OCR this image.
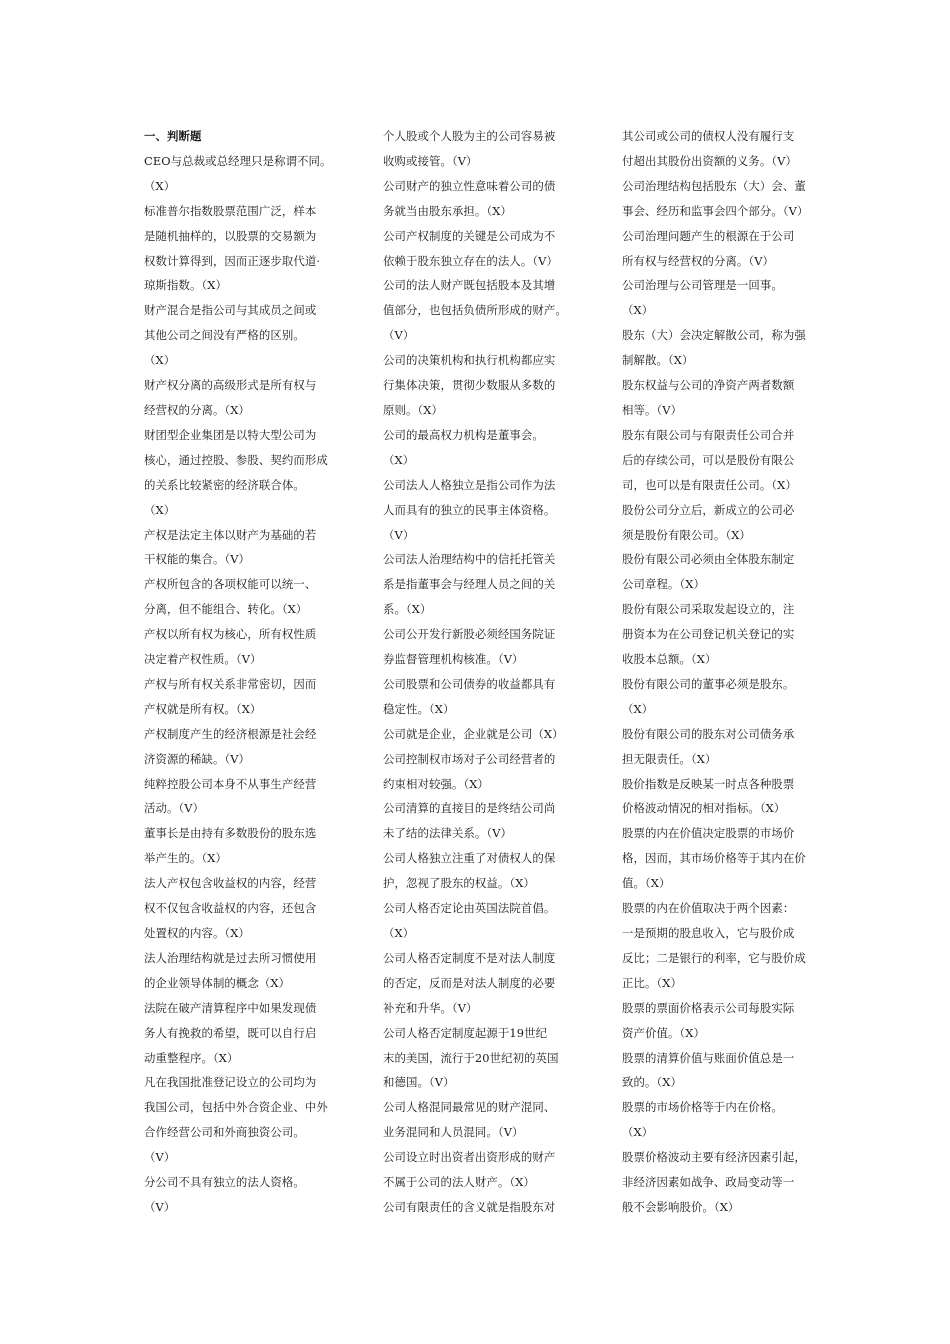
一、判断题
CEO与总裁或总经理只是称谓不同。
（X）
标准普尔指数股票范围广泛，样本
是随机抽样的，以股票的交易额为
权数计算得到，因而正逐步取代道·
琼斯指数。（X）
财产混合是指公司与其成员之间或
其他公司之间没有严格的区别。
（X）
财产权分离的高级形式是所有权与
经营权的分离。（X）
财团型企业集团是以特大型公司为
核心，通过控股、参股、契约而形成
的关系比较紧密的经济联合体。
（X）
产权是法定主体以财产为基础的若
干权能的集合。（V）
产权所包含的各项权能可以统一、
分离，但不能组合、转化。（X）
产权以所有权为核心，所有权性质
决定着产权性质。（V）
产权与所有权关系非常密切，因而
产权就是所有权。（X）
产权制度产生的经济根源是社会经
济资源的稀缺。（V）
纯粹控股公司本身不从事生产经营
活动。（V）
董事长是由持有多数股份的股东选
举产生的。（X）
法人产权包含收益权的内容，经营
权不仅包含收益权的内容，还包含
处置权的内容。（X）
法人治理结构就是过去所习惯使用
的企业领导体制的概念（X）
法院在破产清算程序中如果发现债
务人有挽救的希望，既可以自行启
动重整程序。（X）
凡在我国批准登记设立的公司均为
我国公司，包括中外合资企业、中外
合作经营公司和外商独资公司。
（V）
分公司不具有独立的法人资格。
（V）
个人股或个人股为主的公司容易被
收购或接管。（V）
公司财产的独立性意味着公司的债
务就当由股东承担。（X）
公司产权制度的关键是公司成为不
依赖于股东独立存在的法人。（V）
公司的法人财产既包括股本及其增
值部分，也包括负债所形成的财产。
（V）
公司的决策机构和执行机构都应实
行集体决策，贯彻少数服从多数的
原则。（X）
公司的最高权力机构是董事会。
（X）
公司法人人格独立是指公司作为法
人而具有的独立的民事主体资格。
（V）
公司法人治理结构中的信托托管关
系是指董事会与经理人员之间的关
系。（X）
公司公开发行新股必须经国务院证
券监督管理机构核准。（V）
公司股票和公司债券的收益都具有
稳定性。（X）
公司就是企业，企业就是公司（X）
公司控制权市场对子公司经营者的
约束相对较强。（X）
公司清算的直接目的是终结公司尚
未了结的法律关系。（V）
公司人格独立注重了对债权人的保
护，忽视了股东的权益。（X）
公司人格否定论由英国法院首倡。
（X）
公司人格否定制度不是对法人制度
的否定，反而是对法人制度的必要
补充和升华。（V）
公司人格否定制度起源于19世纪
末的美国，流行于20世纪初的英国
和德国。（V）
公司人格混同最常见的财产混同、
业务混同和人员混同。（V）
公司设立时出资者出资形成的财产
不属于公司的法人财产。（X）
公司有限责任的含义就是指股东对
其公司或公司的债权人没有履行支
付超出其股份出资额的义务。（V）
公司治理结构包括股东（大）会、董
事会、经历和监事会四个部分。（V）
公司治理问题产生的根源在于公司
所有权与经营权的分离。（V）
公司治理与公司管理是一回事。
（X）
股东（大）会决定解散公司，称为强
制解散。（X）
股东权益与公司的净资产两者数额
相等。（V）
股东有限公司与有限责任公司合并
后的存续公司，可以是股份有限公
司，也可以是有限责任公司。（X）
股份公司分立后，新成立的公司必
须是股份有限公司。（X）
股份有限公司必须由全体股东制定
公司章程。（X）
股份有限公司采取发起设立的，注
册资本为在公司登记机关登记的实
收股本总额。（X）
股份有限公司的董事必须是股东。
（X）
股份有限公司的股东对公司债务承
担无限责任。（X）
股价指数是反映某一时点各种股票
价格波动情况的相对指标。（X）
股票的内在价值决定股票的市场价
格，因而，其市场价格等于其内在价
值。（X）
股票的内在价值取决于两个因素：
一是预期的股息收入，它与股价成
反比；二是银行的利率，它与股价成
正比。（X）
股票的票面价格表示公司每股实际
资产价值。（X）
股票的清算价值与账面价值总是一
致的。（X）
股票的市场价格等于内在价格。
（X）
股票价格波动主要有经济因素引起，
非经济因素如战争、政局变动等一
般不会影响股价。（X）
